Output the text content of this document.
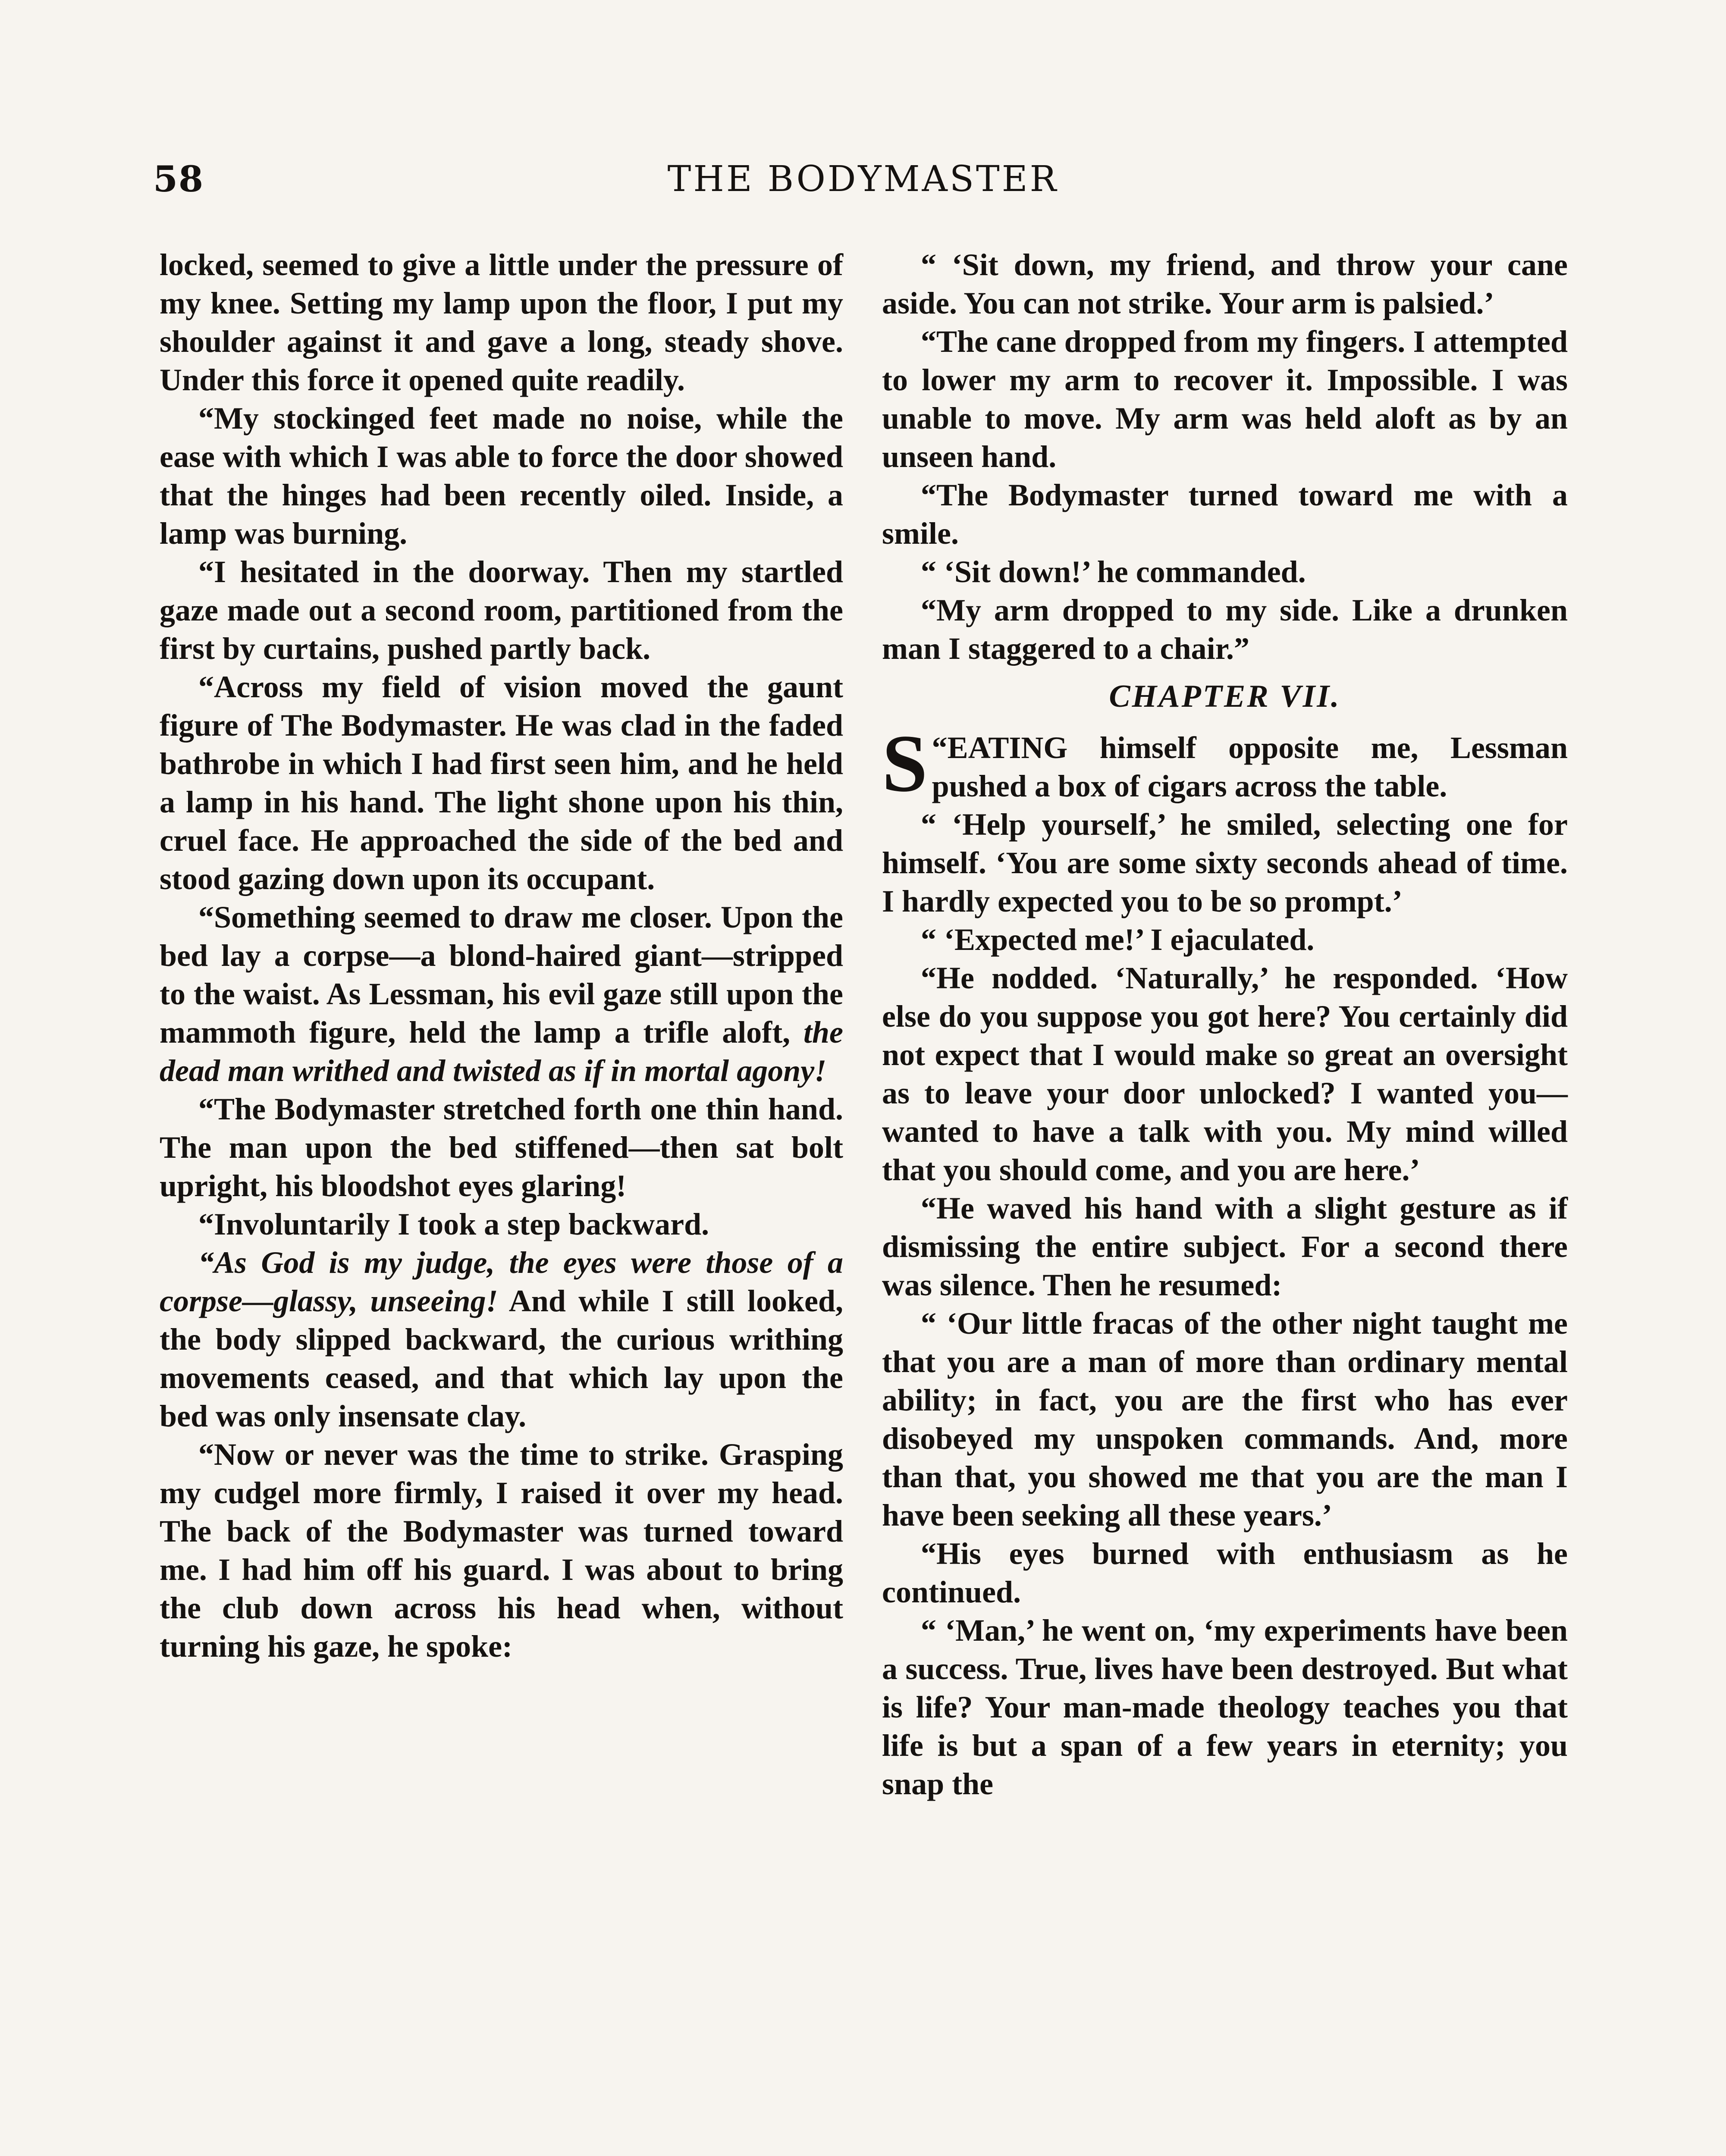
58	THE BODYMASTER

locked, seemed to give a little under the pressure of my knee. Setting my lamp upon the floor, I put my shoulder against it and gave a long, steady shove. Under this force it opened quite readily.

“My stockinged feet made no noise, while the ease with which I was able to force the door showed that the hinges had been recently oiled. Inside, a lamp was burning.

“I hesitated in the doorway. Then my startled gaze made out a second room, partitioned from the first by curtains, pushed partly back.

“Across my field of vision moved the gaunt figure of The Bodymaster. He was clad in the faded bathrobe in which I had first seen him, and he held a lamp in his hand. The light shone upon his thin, cruel face. He approached the side of the bed and stood gazing down upon its occupant.

“Something seemed to draw me closer. Upon the bed lay a corpse—a blond-haired giant—stripped to the waist. As Lessman, his evil gaze still upon the mammoth figure, held the lamp a trifle aloft, the dead man writhed and twisted as if in mortal agony!

“The Bodymaster stretched forth one thin hand. The man upon the bed stiffened—then sat bolt upright, his bloodshot eyes glaring!

“Involuntarily I took a step backward.

“As God is my judge, the eyes were those of a corpse—glassy, unseeing! And while I still looked, the body slipped backward, the curious writhing movements ceased, and that which lay upon the bed was only insensate clay.

“Now or never was the time to strike. Grasping my cudgel more firmly, I raised it over my head. The back of the Bodymaster was turned toward me. I had him off his guard. I was about to bring the club down across his head when, without turning his gaze, he spoke:

“ ‘Sit down, my friend, and throw your cane aside. You can not strike. Your arm is palsied.’

“The cane dropped from my fingers. I attempted to lower my arm to recover it. Impossible. I was unable to move. My arm was held aloft as by an unseen hand.

“The Bodymaster turned toward me with a smile.

“ ‘Sit down!’ he commanded.

“My arm dropped to my side. Like a drunken man I staggered to a chair.”

CHAPTER VII.

“
S EATING himself opposite me, Lessman pushed a box of cigars across the table.

“ ‘Help yourself,’ he smiled, selecting one for himself. ‘You are some sixty seconds ahead of time. I hardly expected you to be so prompt.’

“ ‘Expected me!’ I ejaculated.

“He nodded. ‘Naturally,’ he responded. ‘How else do you suppose you got here? You certainly did not expect that I would make so great an oversight as to leave your door unlocked? I wanted you—wanted to have a talk with you. My mind willed that you should come, and you are here.’

“He waved his hand with a slight gesture as if dismissing the entire subject. For a second there was silence. Then he resumed:

“ ‘Our little fracas of the other night taught me that you are a man of more than ordinary mental ability; in fact, you are the first who has ever disobeyed my unspoken commands. And, more than that, you showed me that you are the man I have been seeking all these years.’

“His eyes burned with enthusiasm as he continued.

“ ‘Man,’ he went on, ‘my experiments have been a success. True, lives have been destroyed. But what is life? Your man-made theology teaches you that life is but a span of a few years in eternity; you snap the
